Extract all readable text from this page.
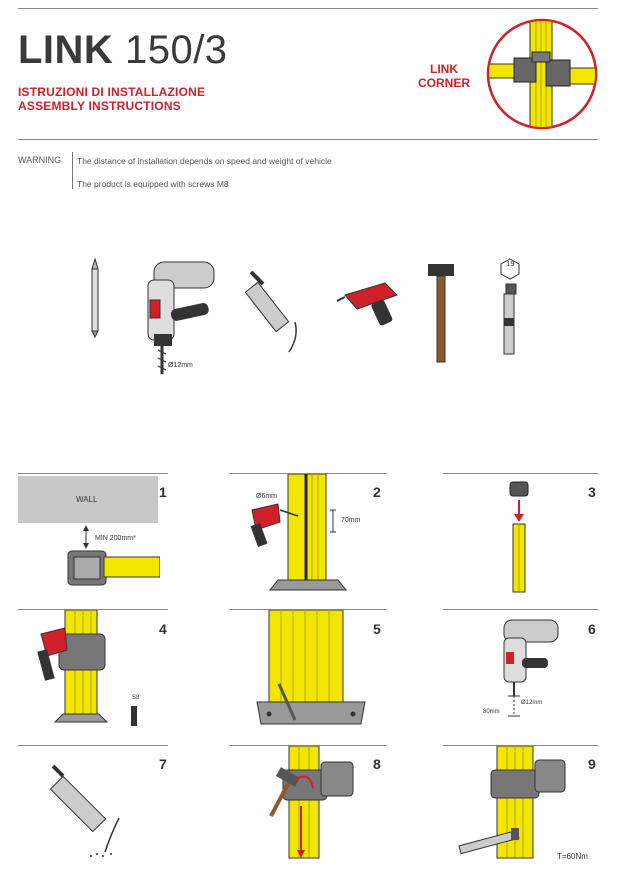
LINK 150/3
ISTRUZIONI DI INSTALLAZIONE
ASSEMBLY INSTRUCTIONS
LINK
CORNER
WARNING The distance of installation depends on speed and weight of vehicle
The product is equipped with screws M8
Ø12mm
19
1	2	3
4	5	6
7	8	9
WALL
MIN 200mm*
Ø6mm
70mm
S8
80mm
Ø12mm
T=60Nm
